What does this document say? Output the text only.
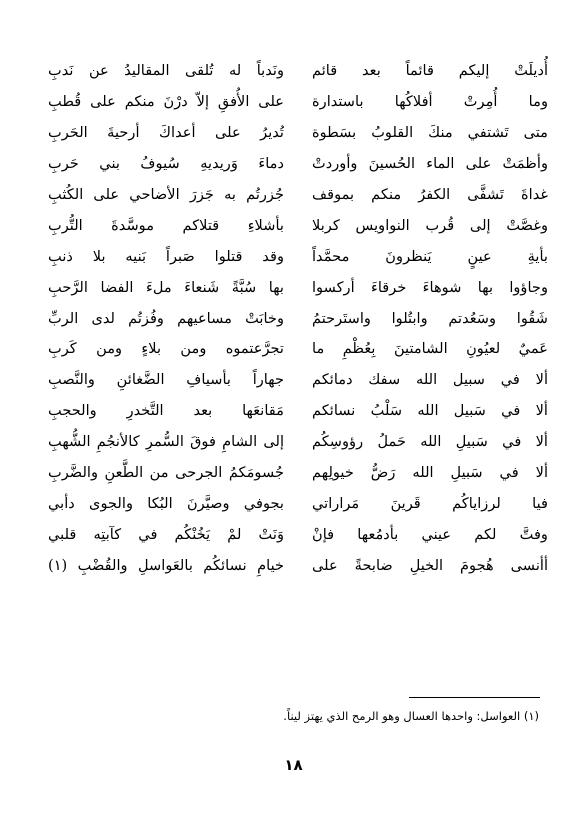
ونَدباً له تُلقى المقاليدُ عن نَدبِ
على الأُفقِ إلاّ درْنَ منكم على قُطبِ
تُديرُ على أعداكَ أرحيةَ الحَربِ
دماءَ وَريديهِ سُيوفُ بني حَربِ
جُزرتُم به جَزرَ الأضاحي على الكُثبِ
بأشلاءِ قتلاكم موسَّدةَ التُّربِ
وقد قتلوا صَبراً بَنيه بلا ذنبِ
بها سُبَّةً شَنعاءَ ملءَ الفضا الرَّحبِ
وخابَتْ مساعيهم وفُزتُم لدى الربِّ
تجرَّعتموه ومن بلاءٍ ومن كَربِ
جهاراً بأسيافِ الضَّغائنِ والنَّصبِ
مَقانعَها بعد التَّخدرِ والحجبِ
إلى الشامِ فوقَ السُّمرِ كالأنجُمِ الشُّهبِ
جُسومَكمُ الجرحى من الطَّعنِ والضَّربِ
بجوفي وصيَّرنَ البُكا والجوى دأبي
وَنَتْ لمْ يَخُنْكُم في كآبتِه قلبي
خيامِ نسائكُم بالعَواسلِ والقُضْبِ (١)
أُديلَتْ إليكم قائماً بعد قائم
وما أُمِرتْ أفلاكُها باستدارة
متى تَشتفي منكَ القلوبُ بسَطوة
وأظمَتْ على الماء الحُسينَ وأوردتْ
غداةَ تَشفَّى الكفرُ منكم بموقف
وغصَّتْ إلى قُرب النواويس كربلا
بأيةِ عينٍ يَنظرونَ محمَّداً
وجاؤوا بها شوهاءَ خرقاءَ أركسوا
شَقُوا وسَعُدتم وابتُلوا واستَرحتمُ
عَميٌ لعيُونِ الشامتينَ بِعُظْمِ ما
ألا في سبيل الله سفك دمائكم
ألا في سَبيل الله سَلْبُ نسائكم
ألا في سَبيلِ الله حَملُ رؤوسِكُم
ألا في سَبيلِ الله رَضُّ خيولِهم
فيا لرزاياكُم قَرينَ مَراراتي
وفتَّ لكم عيني بأدمُعها فإنْ
أأنسى هُجومَ الخيلِ ضابحةً على
(١) العواسل: واحدها العسال وهو الرمح الذي يهتز ليناً.
١٨
